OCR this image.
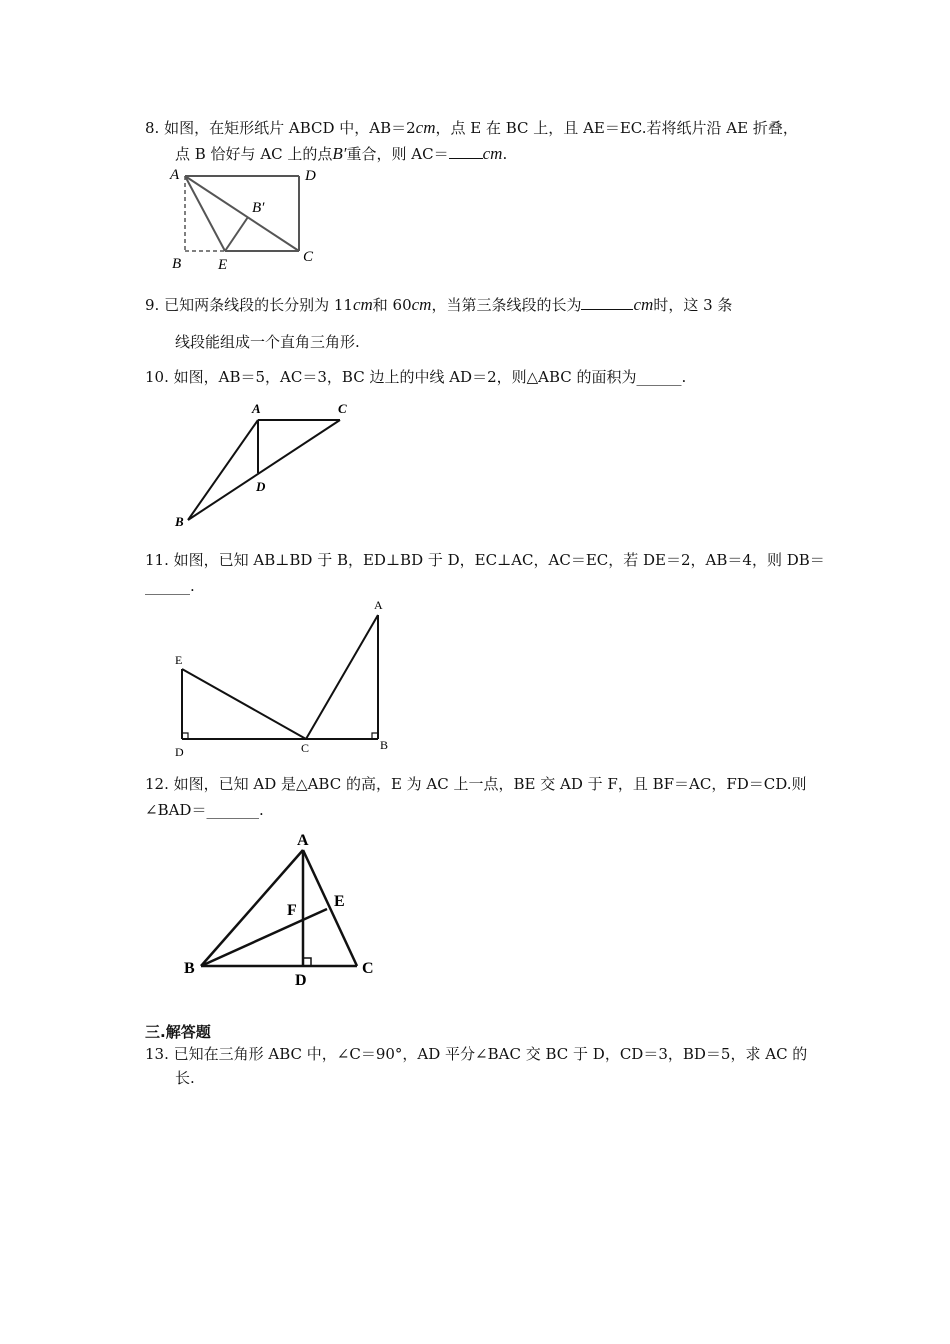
8. 如图，在矩形纸片 ABCD 中，AB＝2cm，点 E 在 BC 上，且 AE＝EC.若将纸片沿 AE 折叠，
点 B 恰好与 AC 上的点B′重合，则 AC＝ cm.
A	D
B′
C
B E
9. 已知两条线段的长分别为 11cm和 60cm，当第三条线段的长为	cm时，这 3 条
线段能组成一个直角三角形.
10. 如图，AB＝5，AC＝3，BC 边上的中线 AD＝2，则△ABC 的面积为______.
A	C
D
B
11. 如图，已知 AB⊥BD 于 B，ED⊥BD 于 D，EC⊥AC，AC＝EC，若 DE＝2，AB＝4，则 DB＝
______.
E
D	C	B
A
12. 如图，已知 AD 是△ABC 的高，E 为 AC 上一点，BE 交 AD 于 F，且 BF＝AC，FD＝CD.则
∠BAD＝_______.
A
E
F
B	C
D
三.解答题
13. 已知在三角形 ABC 中，∠C＝90°，AD 平分∠BAC 交 BC 于 D，CD＝3，BD＝5，求 AC 的
长.
